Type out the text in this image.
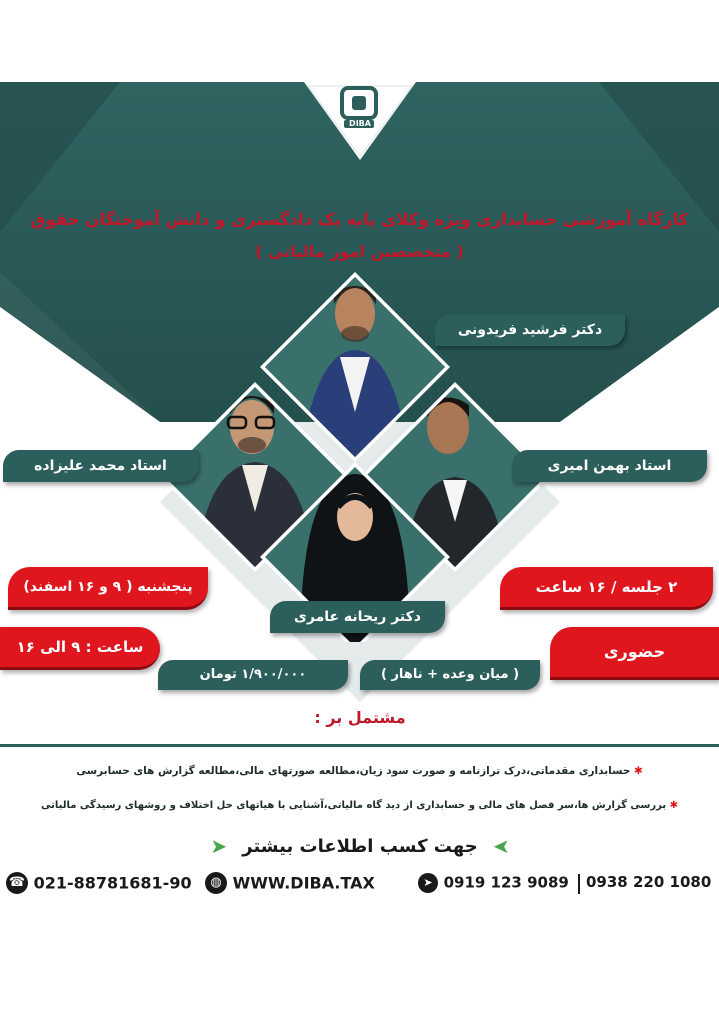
DIBA
کارگاه آموزشی حسابداری ویژه وکلای پایه یک دادگستری و دانش آموختگان حقوق
( متخصصین امور مالیاتی )
دکتر فرشید فریدونی
استاد محمد علیزاده	استاد بهمن امیری
دکتر ریحانه عامری
پنجشنبه ( ۹ و ۱۶ اسفند)
ساعت : ۹ الی ۱۶
۲ جلسه / ۱۶ ساعت
حضوری
۱/۹۰۰/۰۰۰ تومان	( میان وعده + ناهار )
مشتمل بر :
✱ حسابداری مقدماتی،درک ترازنامه و صورت سود زیان،مطالعه صورتهای مالی،مطالعه گزارش های حسابرسی
✱ بررسی گزارش ها،سر فصل های مالی و حسابداری از دید گاه مالیاتی،آشنایی با هیاتهای حل اختلاف و روشهای رسیدگی مالیاتی
➤ جهت کسب اطلاعات بیشتر ➤
☎ 021-88781681-90	◍ WWW.DIBA.TAX	➤ 0919 123 9089 0938 220 1080
